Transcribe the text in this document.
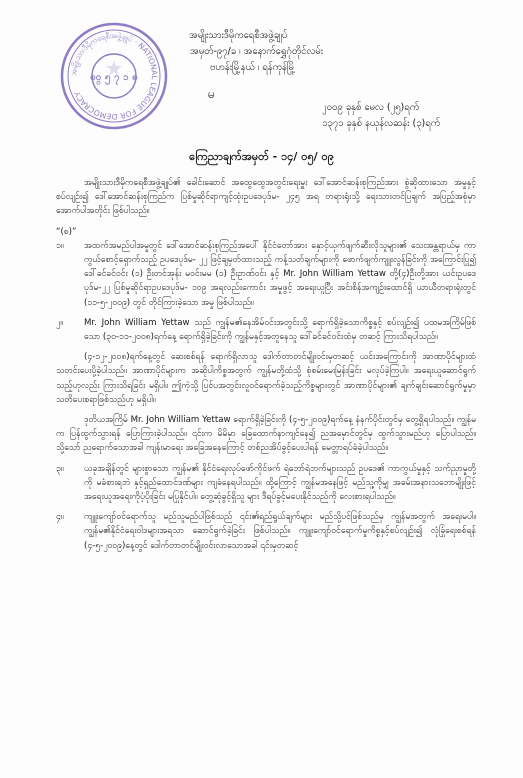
အမျိုးသားဒီမိုကရေစီအဖွဲ့ချုပ် · NATIONAL LEAGUE FOR DEMOCRACY
စဝ္ ၅ ၇ ၁ ၈
အမျိုးသားဒီမိုကရေစီအဖွဲ့ချုပ်
အမှတ်-၉၇/ခ ၊ အနောက်ရွှေဂုံတိုင်လမ်း
ဗဟန်းမြို့နယ် ၊ ရန်ကုန်မြို့
မ
၂၀၀၉ ခုနှစ် မေလ (၂၅)ရက်
၁၃၇၁ ခုနှစ် နယုန်လဆန်း (၃)ရက်
ကြေညာချက်အမှတ် - ၁၄/ ၀၅/ ၀၉

အမျိုးသားဒီမိုကရေစီအဖွဲ့ချုပ်၏ ခေါင်းဆောင် အထွေထွေအတွင်းရေးမှူး ဒေါ်အောင်ဆန်းစုကြည်အား စွဲဆိုထားသော အမှုနှင့်စပ်လျဉ်း၍ ဒေါ်အောင်ဆန်းစုကြည်က ပြစ်မှုဆိုင်ရာကျင့်ထုံးဥပဒေပုဒ်မ- ၂၄၅ အရ တရားရုံးသို့ ရေးသားတင်ပြချက် အပြည့်အစုံမှာ အောက်ပါအတိုင်း ဖြစ်ပါသည်။

“(စ)” ၁။ အထက်အမည်ပါအမှုတွင် ဒေါ်အောင်ဆန်းစုကြည်အပေါ် နိုင်ငံတော်အား နှောင့်ယှက်ဖျက်ဆီးလိုသူများ၏ သေးအန္တရာယ်မှ ကာကွယ်စောင့်ရှောက်သည့် ဥပဒေပုဒ်မ- ၂၂ ဖြင့်ချမှတ်ထားသည့် ကန့်သတ်ချက်များကို ဖောက်ဖျက်ကျူးလွန်ခြင်းကို အကြောင်းပြု၍ ဒေါ်ခင်ခင်ဝင်း (၁) ဦးတင်အုန်း မဝင်းမမ (၁) ဦးဥာဏ်ဝင်း နှင့် Mr. John William Yettaw တို့(၄)ဦးတို့အား ယင်းဥပဒေပုဒ်မ-၂၂ ပြစ်မှုဆိုင်ရာဥပဒေပုဒ်မ- ၁၀၉ အရလည်းကောင်း အမှုဖွင့် အရေးယူပြီး အင်းစိန်အကျဉ်းထောင်ရှိ ယာယီတရားရုံးတွင် (၁၁-၅-၂၀၀၉) တွင် တိုင်ကြားခဲ့သော အမှု ဖြစ်ပါသည်။

၂။ Mr. John William Yettaw သည် ကျွန်မ၏နေအိမ်ဝင်းအတွင်းသို့ ရောက်ရှိခဲ့သောကိစ္စနှင့် စပ်လျဉ်း၍ ပထမအကြိမ်ဖြစ်သော (၃၀-၁၁-၂၀၀၈)ရက်နေ့ ရောက်ရှိခဲ့ခြင်းကို ကျွန်မနှင့်အတူနေသူ ဒေါ်ခင်ခင်ဝင်းထံမှ တဆင့် ကြားသိရပါသည်။

(၄-၁၂-၂၀၀၈)ရက်နေ့တွင် ဆေးစစ်ရန် ရောက်ရှိလာသူ ဒေါက်တာတင်မျိုးဝင်းမှတဆင့် ယင်းအကြောင်းကို အာဏာပိုင်များထံ သတင်းပေးပို့ခဲ့ပါသည်။ အာဏာပိုင်များက အဆိုပါကိစ္စအတွက် ကျွန်မတို့ထံသို့ စုံစမ်းမေးမြန်းခြင်း မလုပ်ခဲ့ကြပါ။ အရေးယူဆောင်ရွက်သည့်ဟုလည်း ကြားသိရခြင်း မရှိပါ။ ဤကဲ့သို့ ပြင်ပအတွင်းလူဝင်ရောက်ခဲ့သည့်ကိစ္စများတွင် အာဏာပိုင်များ၏ ချက်ချင်းဆောင်ရွက်မှုမှာ သတိပေးစရာဖြစ်သည်ဟု မရှိပါ။

ဒုတိယအကြိမ် Mr. John William Yettaw ရောက်ရှိခဲ့ခြင်းကို (၄-၅-၂၀၀၉)ရက်နေ့ နံနက်ပိုင်းတွင်မှ တွေ့ရှိရပါသည်။ ကျွန်မက ပြန်ထွက်သွားရန် ပြောကြားခဲ့ပါသည်။ ၎င်းက မိမိမှာ ခြေထောက်နာကျင်နေ၍ ညအမှောင်တွင်မှ ထွက်သွားမည်ဟု ပြောပါသည်။ သို့သော် ညရောက်သောအခါ ကျန်းမာရေး အခြေအနေကြောင့် တစ်ညအိပ်ခွင့်ပေးပါရန် မေတ္တာရပ်ခံခဲ့ပါသည်။

၃။ ယခုအချိန်တွင် များစွာသော ကျွန်မ၏ နိုင်ငံရေးလုပ်ဖော်ကိုင်ဖက် ရဲဘော်ရဲဘက်များသည် ဥပဒေ၏ ကာကွယ်မှုနှင့် သက်ညှာမှုတို့ကို မခံစားရဘဲ နှင့်ရှည်ထောင်ဒဏ်များ ကျခံနေရပါသည်။ ထို့ကြောင့် ကျွန်မအနေဖြင့် မည်သူ့ကိုမျှ အခမ်းအနားသဘောမျိုးဖြင့် အရေးယူအရေးကိုပံ့ပိုးခြင်း မပြုနိုင်ပါ။ တွေ့ဆုံခွင့်ရှိသူ များ ဒီရပ်ခွင့်မပေးနိုင်သည်ကို လေးစားရပါသည်။

၄။ ကျူးကျော်ဝင်ရောက်သူ မည်သူမည်ပါဖြစ်သည် ၎င်း၏ရည်ရွယ်ချက်များ မည်သို့ပင်ဖြစ်သည်မှ ကျွန်မအတွက် အရေးမပါ။ ကျွန်မ၏နိုင်ငံရေးဝါဒများအရသာ ဆောင်ရွက်ခဲ့ခြင်း ဖြစ်ပါသည်။ ကျူးကျော်ဝင်ရောက်မှုကိစ္စနှင့်စပ်လျဉ်း၍ လုံခြုံရေးစစ်ရန် (၄-၅-၂၀၀၉)နေ့တွင် ဒေါက်တာတင်မျိုးဝင်းလာသောအခါ ၎င်းမှတဆင့်
